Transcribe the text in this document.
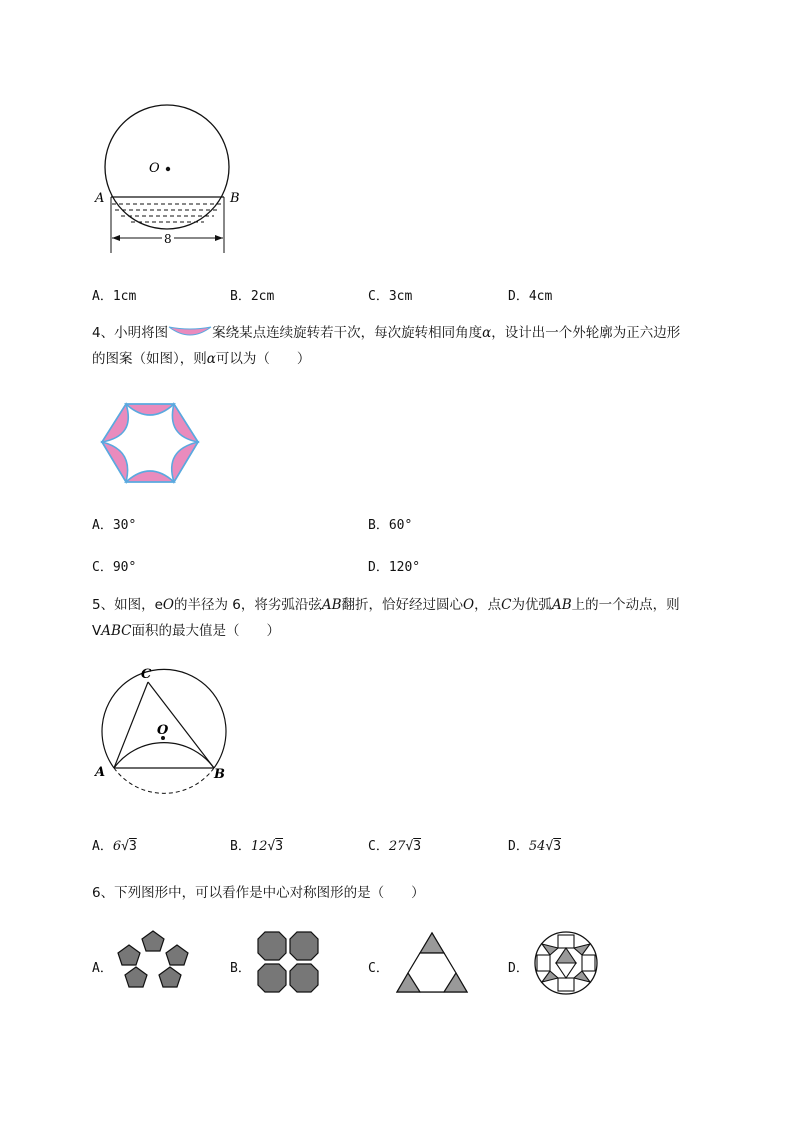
O
A	B
8
A．1cm	B．2cm	C．3cm	D．4cm
4、小明将图	案绕某点连续旋转若干次，每次旋转相同角度α，设计出一个外轮廓为正六边形
的图案（如图），则α可以为（　　）
A．30°	B．60°
C．90°	D．120°
5、如图，eO的半径为 6，将劣弧沿弦AB翻折，恰好经过圆心O，点C为优弧AB上的一个动点，则
VABC面积的最大值是（　　）
C
O
A	B
A．6√3	B．12√3	C．27√3	D．54√3
6、下列图形中，可以看作是中心对称图形的是（　　）
A．	B．	C．	D．
